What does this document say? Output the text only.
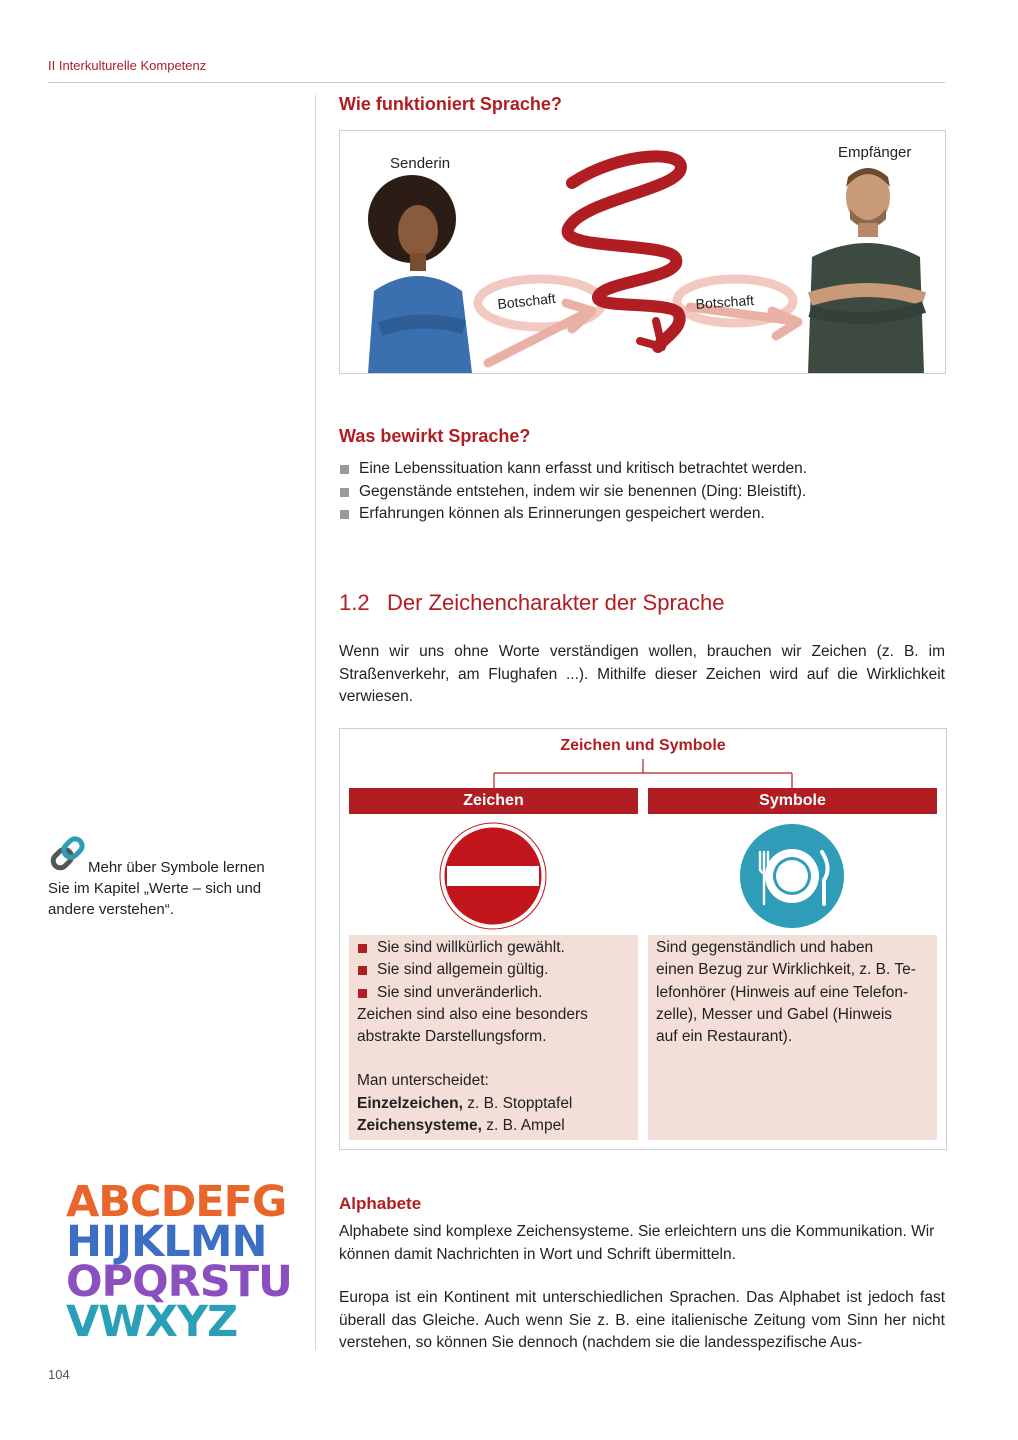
II Interkulturelle Kompetenz
Wie funktioniert Sprache?
Senderin
Empfänger
Störfaktor
Botschaft	Botschaft
Was bewirkt Sprache?
Eine Lebenssituation kann erfasst und kritisch betrachtet werden.
Gegenstände entstehen, indem wir sie benennen (Ding: Bleistift).
Erfahrungen können als Erinnerungen gespeichert werden.
1.2 Der Zeichencharakter der Sprache
Wenn wir uns ohne Worte verständigen wollen, brauchen wir Zeichen (z. B. im Straßenverkehr, am Flughafen ...). Mithilfe dieser Zeichen wird auf die Wirklichkeit verwiesen.
Zeichen und Symbole
Zeichen	Symbole
Sie sind willkürlich gewählt.
Sie sind allgemein gültig.
Sie sind unveränderlich.
Zeichen sind also eine besonders
abstrakte Darstellungsform.
Man unterscheidet:
Einzelzeichen, z. B. Stopptafel
Zeichensysteme, z. B. Ampel
Sind gegenständlich und haben
einen Bezug zur Wirklichkeit, z. B. Te-
lefonhörer (Hinweis auf eine Telefon-
zelle), Messer und Gabel (Hinweis
auf ein Restaurant).
Mehr über Symbole lernen
Sie im Kapitel „Werte – sich und
andere verstehen“.
ABCDEFG
HIJKLMN
OPQRSTU
VWXYZ
Alphabete
Alphabete sind komplexe Zeichensysteme. Sie erleichtern uns die Kommunikation. Wir können damit Nachrichten in Wort und Schrift übermitteln.
Europa ist ein Kontinent mit unterschiedlichen Sprachen. Das Alphabet ist jedoch fast überall das Gleiche. Auch wenn Sie z. B. eine italienische Zeitung vom Sinn her nicht verstehen, so können Sie dennoch (nachdem sie die landesspezifische Aus-
104
